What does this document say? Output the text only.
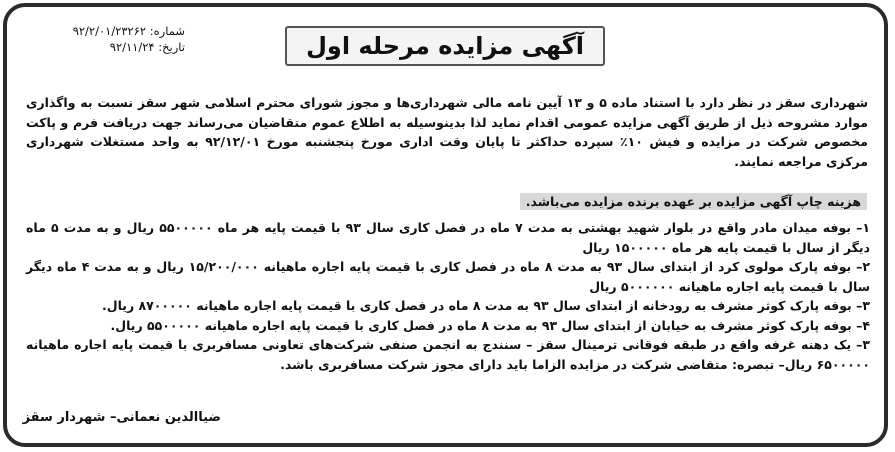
شماره: ۹۲/۲/۰۱/۲۳۲۶۲
تاریخ: ۹۲/۱۱/۲۴	آگهی مزایده مرحله اول
شهرداری سقز در نظر دارد با استناد ماده ۵ و ۱۳ آیین نامه مالی شهرداری‌ها و مجوز شورای محترم اسلامی شهر سقز نسبت به واگذاری موارد مشروحه ذیل از طریق آگهی مزایده عمومی اقدام نماید لذا بدینوسیله به اطلاع عموم متقاضیان می‌رساند جهت دریافت فرم و پاکت مخصوص شرکت در مزایده و فیش ۱۰٪ سپرده حداکثر تا پایان وقت اداری مورخ پنجشنبه مورخ ۹۲/۱۲/۰۱ به واحد مستغلات شهرداری مرکزی مراجعه نمایند.
هزینه چاپ آگهی مزایده بر عهده برنده مزایده می‌باشد.

۱– بوفه میدان مادر واقع در بلوار شهید بهشتی به مدت ۷ ماه در فصل کاری سال ۹۳ با قیمت پایه هر ماه ۵۵۰۰۰۰۰ ریال و به مدت ۵ ماه دیگر از سال با قیمت پایه هر ماه ۱۵۰۰۰۰۰ ریال

۲– بوفه پارک مولوی کرد از ابتدای سال ۹۳ به مدت ۸ ماه در فصل کاری با قیمت پایه اجاره ماهیانه ۱۵/۲۰۰/۰۰۰ ریال و به مدت ۴ ماه دیگر سال با قیمت پایه اجاره ماهیانه ۵۰۰۰۰۰۰ ریال

۳– بوفه پارک کوثر مشرف به رودخانه از ابتدای سال ۹۳ به مدت ۸ ماه در فصل کاری با قیمت پایه اجاره ماهیانه ۸۷۰۰۰۰۰ ریال.

۴– بوفه پارک کوثر مشرف به خیابان از ابتدای سال ۹۳ به مدت ۸ ماه در فصل کاری با قیمت پایه اجاره ماهیانه ۵۵۰۰۰۰۰ ریال.

۳– یک دهنه غرفه واقع در طبقه فوقانی ترمینال سقز – سنندج به انجمن صنفی شرکت‌های تعاونی مسافربری با قیمت پایه اجاره ماهیانه ۶۵۰۰۰۰۰ ریال– تبصره: متقاضی شرکت در مزایده الزاما باید دارای مجوز شرکت مسافربری باشد.

ضیاالدین نعمانی– شهردار سقز
